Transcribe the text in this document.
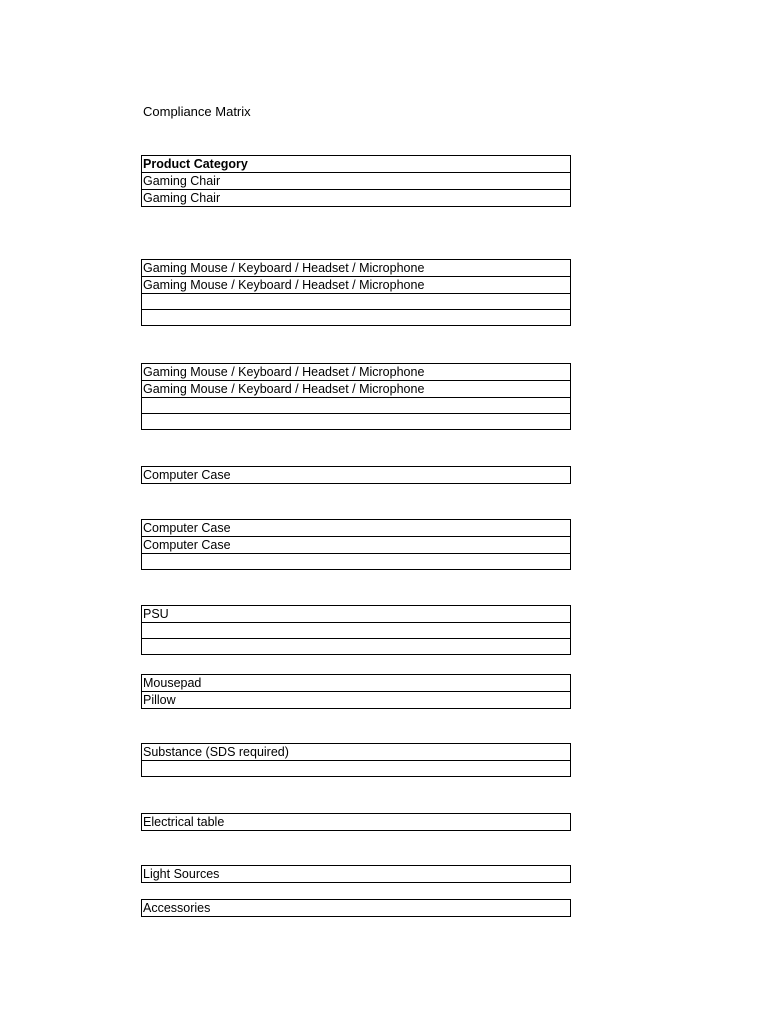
Compliance Matrix
Product Category
Gaming Chair
Gaming Chair
Gaming Mouse / Keyboard / Headset / Microphone
Gaming Mouse / Keyboard / Headset / Microphone

Gaming Mouse / Keyboard / Headset / Microphone
Gaming Mouse / Keyboard / Headset / Microphone

Computer Case
Computer Case
Computer Case

PSU

Mousepad
Pillow
Substance (SDS required)

Electrical table
Light Sources
Accessories
